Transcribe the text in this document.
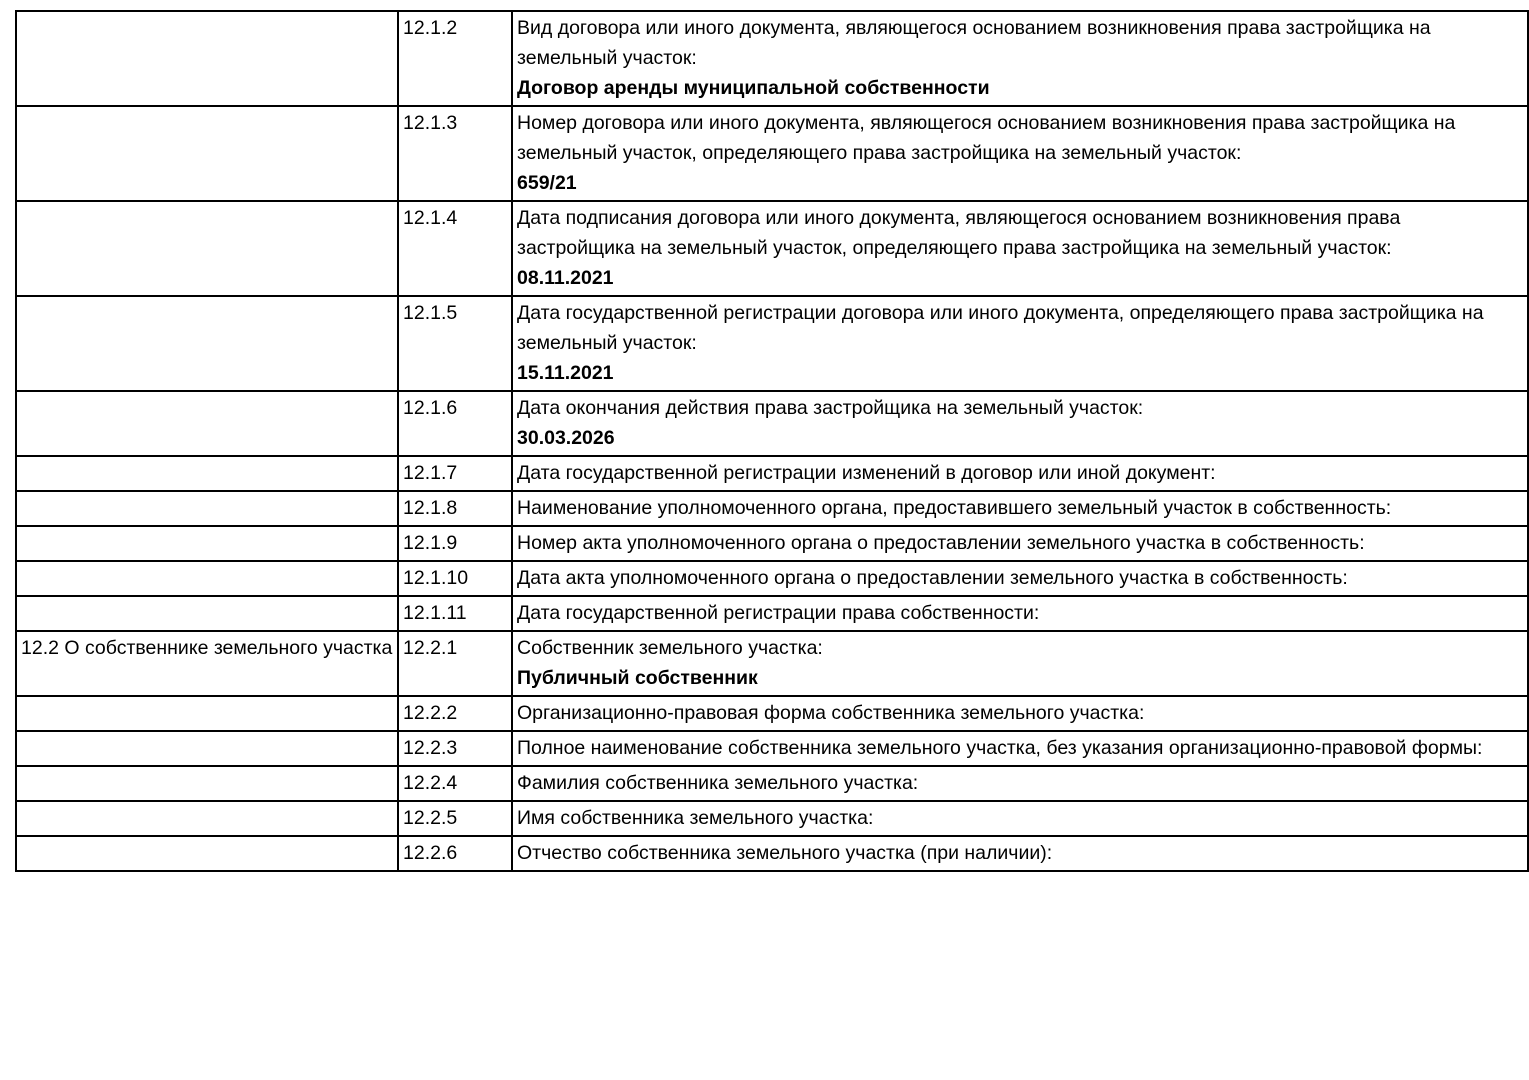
	12.1.2	Вид договора или иного документа, являющегося основанием возникновения права застройщика на земельный участок:
Договор аренды муниципальной собственности

	12.1.3	Номер договора или иного документа, являющегося основанием возникновения права застройщика на земельный участок, определяющего права застройщика на земельный участок:
659/21

	12.1.4	Дата подписания договора или иного документа, являющегося основанием возникновения права застройщика на земельный участок, определяющего права застройщика на земельный участок:
08.11.2021

	12.1.5	Дата государственной регистрации договора или иного документа, определяющего права застройщика на земельный участок:
15.11.2021

	12.1.6	Дата окончания действия права застройщика на земельный участок:
30.03.2026

	12.1.7	Дата государственной регистрации изменений в договор или иной документ:

	12.1.8	Наименование уполномоченного органа, предоставившего земельный участок в собственность:

	12.1.9	Номер акта уполномоченного органа о предоставлении земельного участка в собственность:

	12.1.10	Дата акта уполномоченного органа о предоставлении земельного участка в собственность:

	12.1.11	Дата государственной регистрации права собственности:

12.2 О собственнике земельного участка	12.2.1	Собственник земельного участка:
Публичный собственник

	12.2.2	Организационно-правовая форма собственника земельного участка:

	12.2.3	Полное наименование собственника земельного участка, без указания организационно-правовой формы:

	12.2.4	Фамилия собственника земельного участка:

	12.2.5	Имя собственника земельного участка:

	12.2.6	Отчество собственника земельного участка (при наличии):
